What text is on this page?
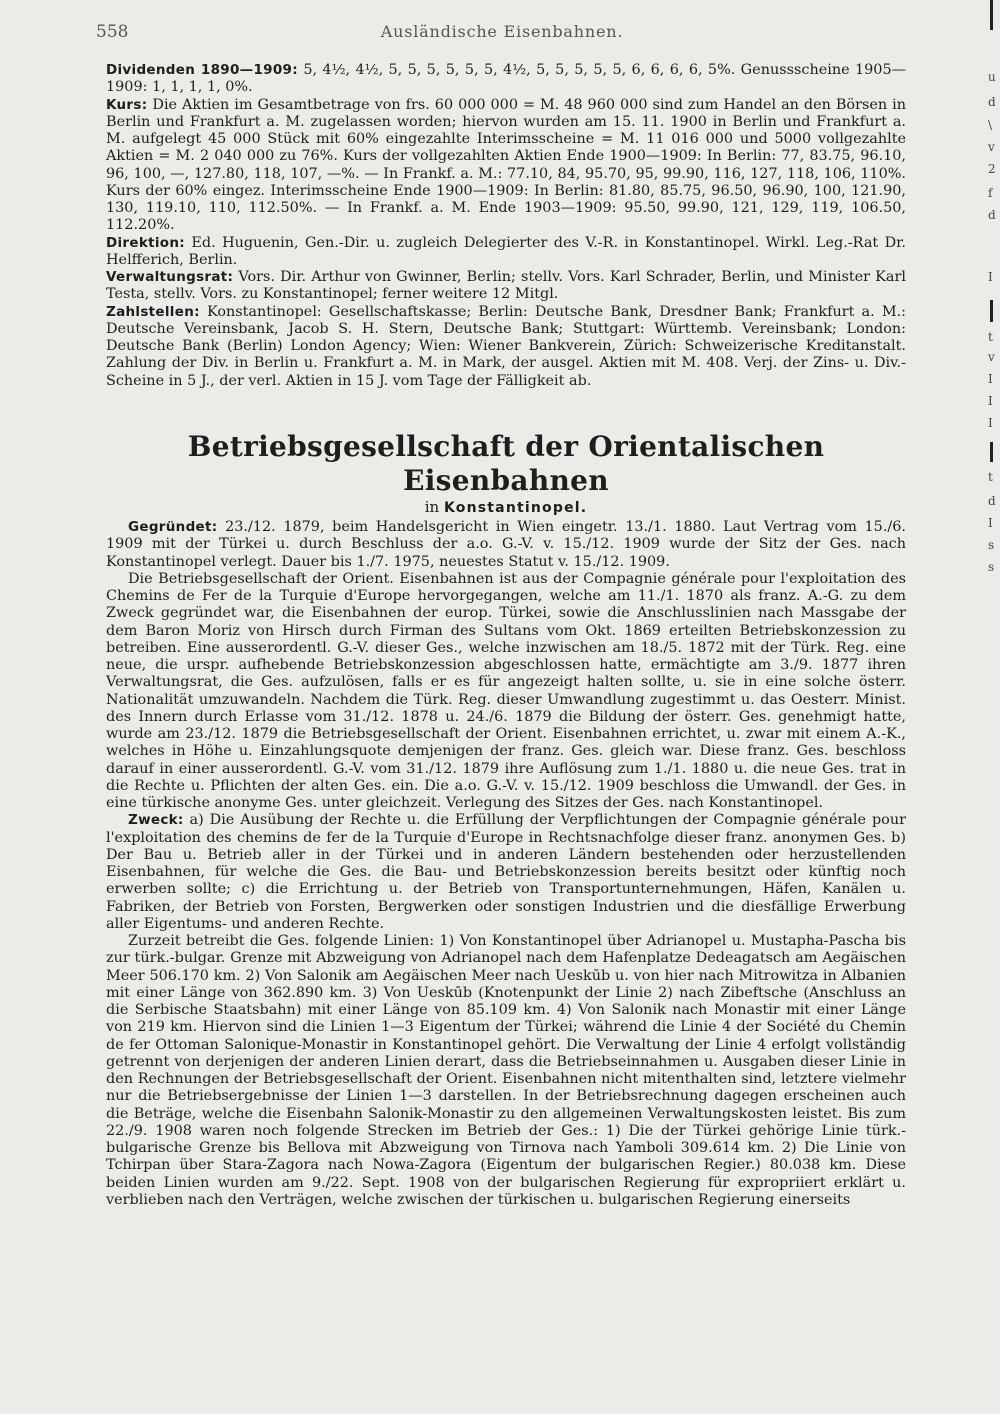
558	Ausländische Eisenbahnen.

Dividenden 1890—1909: 5, 4½, 4½, 5, 5, 5, 5, 5, 5, 4½, 5, 5, 5, 5, 5, 6, 6, 6, 6, 5%. Genussscheine 1905—1909: 1, 1, 1, 1, 0%.

Kurs: Die Aktien im Gesamtbetrage von frs. 60 000 000 = M. 48 960 000 sind zum Handel an den Börsen in Berlin und Frankfurt a. M. zugelassen worden; hiervon wurden am 15. 11. 1900 in Berlin und Frankfurt a. M. aufgelegt 45 000 Stück mit 60% eingezahlte Interimsscheine = M. 11 016 000 und 5000 vollgezahlte Aktien = M. 2 040 000 zu 76%. Kurs der vollgezahlten Aktien Ende 1900—1909: In Berlin: 77, 83.75, 96.10, 96, 100, —, 127.80, 118, 107, —%. — In Frankf. a. M.: 77.10, 84, 95.70, 95, 99.90, 116, 127, 118, 106, 110%. Kurs der 60% eingez. Interimsscheine Ende 1900—1909: In Berlin: 81.80, 85.75, 96.50, 96.90, 100, 121.90, 130, 119.10, 110, 112.50%. — In Frankf. a. M. Ende 1903—1909: 95.50, 99.90, 121, 129, 119, 106.50, 112.20%.

Direktion: Ed. Huguenin, Gen.-Dir. u. zugleich Delegierter des V.-R. in Konstantinopel. Wirkl. Leg.-Rat Dr. Helfferich, Berlin.

Verwaltungsrat: Vors. Dir. Arthur von Gwinner, Berlin; stellv. Vors. Karl Schrader, Berlin, und Minister Karl Testa, stellv. Vors. zu Konstantinopel; ferner weitere 12 Mitgl.

Zahlstellen: Konstantinopel: Gesellschaftskasse; Berlin: Deutsche Bank, Dresdner Bank; Frankfurt a. M.: Deutsche Vereinsbank, Jacob S. H. Stern, Deutsche Bank; Stuttgart: Württemb. Vereinsbank; London: Deutsche Bank (Berlin) London Agency; Wien: Wiener Bankverein, Zürich: Schweizerische Kreditanstalt. Zahlung der Div. in Berlin u. Frankfurt a. M. in Mark, der ausgel. Aktien mit M. 408. Verj. der Zins- u. Div.-Scheine in 5 J., der verl. Aktien in 15 J. vom Tage der Fälligkeit ab.

Betriebsgesellschaft der Orientalischen Eisenbahnen
in Konstantinopel.

Gegründet: 23./12. 1879, beim Handelsgericht in Wien eingetr. 13./1. 1880. Laut Vertrag vom 15./6. 1909 mit der Türkei u. durch Beschluss der a.o. G.-V. v. 15./12. 1909 wurde der Sitz der Ges. nach Konstantinopel verlegt. Dauer bis 1./7. 1975, neuestes Statut v. 15./12. 1909.

Die Betriebsgesellschaft der Orient. Eisenbahnen ist aus der Compagnie générale pour l'exploitation des Chemins de Fer de la Turquie d'Europe hervorgegangen, welche am 11./1. 1870 als franz. A.-G. zu dem Zweck gegründet war, die Eisenbahnen der europ. Türkei, sowie die Anschlusslinien nach Massgabe der dem Baron Moriz von Hirsch durch Firman des Sultans vom Okt. 1869 erteilten Betriebskonzession zu betreiben. Eine ausserordentl. G.-V. dieser Ges., welche inzwischen am 18./5. 1872 mit der Türk. Reg. eine neue, die urspr. aufhebende Betriebskonzession abgeschlossen hatte, ermächtigte am 3./9. 1877 ihren Verwaltungsrat, die Ges. aufzulösen, falls er es für angezeigt halten sollte, u. sie in eine solche österr. Nationalität umzuwandeln. Nachdem die Türk. Reg. dieser Umwandlung zugestimmt u. das Oesterr. Minist. des Innern durch Erlasse vom 31./12. 1878 u. 24./6. 1879 die Bildung der österr. Ges. genehmigt hatte, wurde am 23./12. 1879 die Betriebsgesellschaft der Orient. Eisenbahnen errichtet, u. zwar mit einem A.-K., welches in Höhe u. Einzahlungsquote demjenigen der franz. Ges. gleich war. Diese franz. Ges. beschloss darauf in einer ausserordentl. G.-V. vom 31./12. 1879 ihre Auflösung zum 1./1. 1880 u. die neue Ges. trat in die Rechte u. Pflichten der alten Ges. ein. Die a.o. G.-V. v. 15./12. 1909 beschloss die Umwandl. der Ges. in eine türkische anonyme Ges. unter gleichzeit. Verlegung des Sitzes der Ges. nach Konstantinopel.

Zweck: a) Die Ausübung der Rechte u. die Erfüllung der Verpflichtungen der Compagnie générale pour l'exploitation des chemins de fer de la Turquie d'Europe in Rechtsnachfolge dieser franz. anonymen Ges. b) Der Bau u. Betrieb aller in der Türkei und in anderen Ländern bestehenden oder herzustellenden Eisenbahnen, für welche die Ges. die Bau- und Betriebskonzession bereits besitzt oder künftig noch erwerben sollte; c) die Errichtung u. der Betrieb von Transportunternehmungen, Häfen, Kanälen u. Fabriken, der Betrieb von Forsten, Bergwerken oder sonstigen Industrien und die diesfällige Erwerbung aller Eigentums- und anderen Rechte.

Zurzeit betreibt die Ges. folgende Linien: 1) Von Konstantinopel über Adrianopel u. Mustapha-Pascha bis zur türk.-bulgar. Grenze mit Abzweigung von Adrianopel nach dem Hafenplatze Dedeagatsch am Aegäischen Meer 506.170 km. 2) Von Salonik am Aegäischen Meer nach Ueskūb u. von hier nach Mitrowitza in Albanien mit einer Länge von 362.890 km. 3) Von Ueskūb (Knotenpunkt der Linie 2) nach Zibeftsche (Anschluss an die Serbische Staatsbahn) mit einer Länge von 85.109 km. 4) Von Salonik nach Monastir mit einer Länge von 219 km. Hiervon sind die Linien 1—3 Eigentum der Türkei; während die Linie 4 der Société du Chemin de fer Ottoman Salonique-Monastir in Konstantinopel gehört. Die Verwaltung der Linie 4 erfolgt vollständig getrennt von derjenigen der anderen Linien derart, dass die Betriebseinnahmen u. Ausgaben dieser Linie in den Rechnungen der Betriebsgesellschaft der Orient. Eisenbahnen nicht mitenthalten sind, letztere vielmehr nur die Betriebsergebnisse der Linien 1—3 darstellen. In der Betriebsrechnung dagegen erscheinen auch die Beträge, welche die Eisenbahn Salonik-Monastir zu den allgemeinen Verwaltungskosten leistet. Bis zum 22./9. 1908 waren noch folgende Strecken im Betrieb der Ges.: 1) Die der Türkei gehörige Linie türk.-bulgarische Grenze bis Bellova mit Abzweigung von Tirnova nach Yamboli 309.614 km. 2) Die Linie von Tchirpan über Stara-Zagora nach Nowa-Zagora (Eigentum der bulgarischen Regier.) 80.038 km. Diese beiden Linien wurden am 9./22. Sept. 1908 von der bulgarischen Regierung für expropriiert erklärt u. verblieben nach den Verträgen, welche zwischen der türkischen u. bulgarischen Regierung einerseits

u
d
\
v
2
f
d
I
t
v
I
I
I
t
d
I
s
s
